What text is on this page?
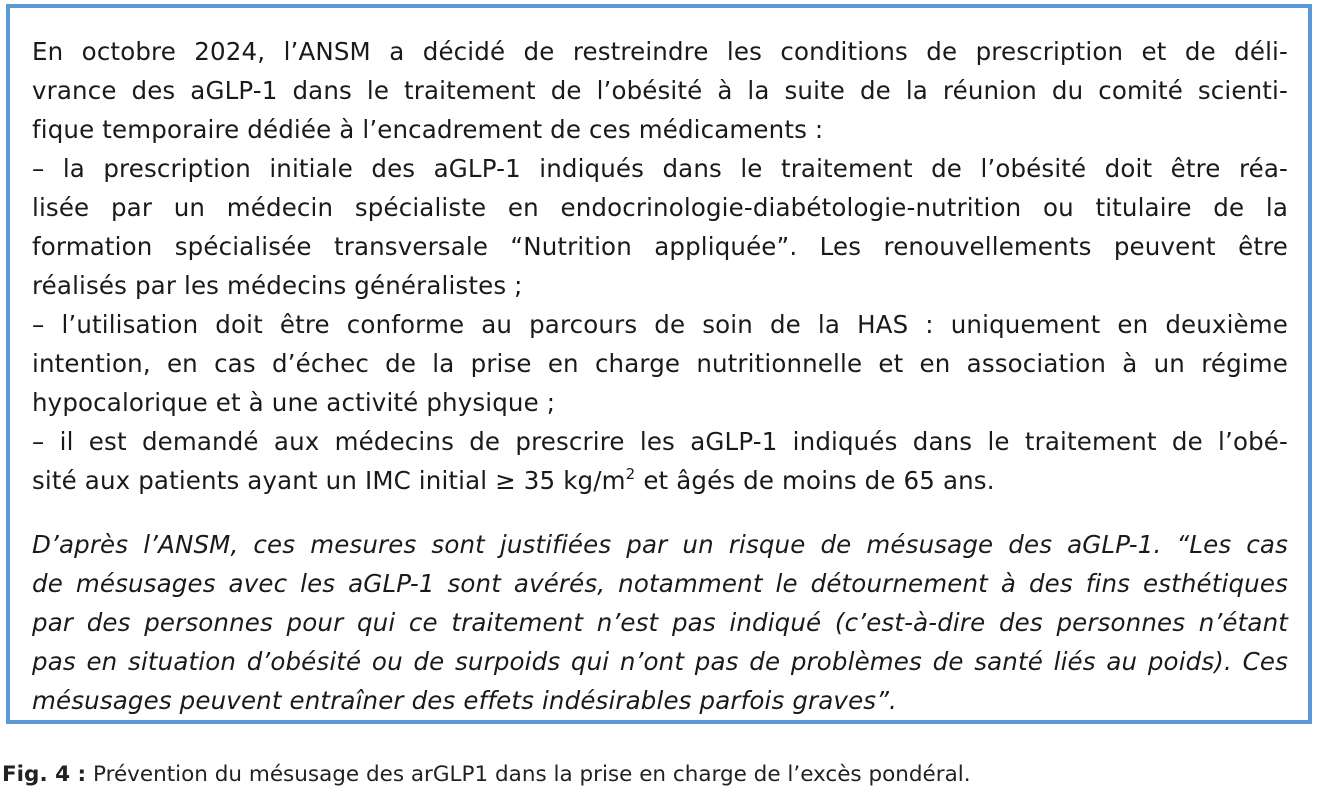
En octobre 2024, l’ANSM a décidé de restreindre les conditions de prescription et de déli-
vrance des aGLP-1 dans le traitement de l’obésité à la suite de la réunion du comité scienti-
fique temporaire dédiée à l’encadrement de ces médicaments :
– la prescription initiale des aGLP-1 indiqués dans le traitement de l’obésité doit être réa-
lisée par un médecin spécialiste en endocrinologie-diabétologie-nutrition ou titulaire de la
formation spécialisée transversale “Nutrition appliquée”. Les renouvellements peuvent être
réalisés par les médecins généralistes ;
– l’utilisation doit être conforme au parcours de soin de la HAS : uniquement en deuxième
intention, en cas d’échec de la prise en charge nutritionnelle et en association à un régime
hypocalorique et à une activité physique ;
– il est demandé aux médecins de prescrire les aGLP-1 indiqués dans le traitement de l’obé-
sité aux patients ayant un IMC initial ≥ 35 $kg/m^2$ et âgés de moins de 65 ans.
D’après l’ANSM, ces mesures sont justifiées par un risque de mésusage des aGLP-1. “Les cas
de mésusages avec les aGLP-1 sont avérés, notamment le détournement à des fins esthétiques
par des personnes pour qui ce traitement n’est pas indiqué (c’est-à-dire des personnes n’étant
pas en situation d’obésité ou de surpoids qui n’ont pas de problèmes de santé liés au poids). Ces
mésusages peuvent entraîner des effets indésirables parfois graves”.
Fig. 4 : Prévention du mésusage des arGLP1 dans la prise en charge de l’excès pondéral.
